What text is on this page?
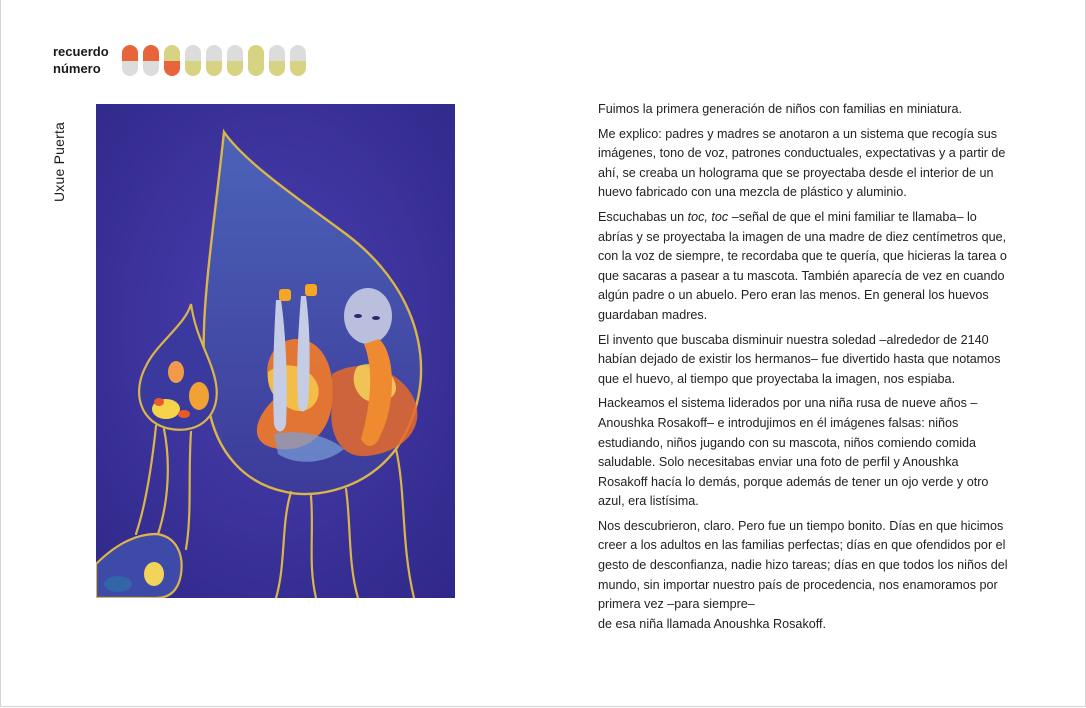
recuerdo
número
Uxue Puerta

Fuimos la primera generación de niños con familias en miniatura.

Me explico: padres y madres se anotaron a un sistema que recogía sus imágenes, tono de voz, patrones conductuales, expectativas y a partir de ahí, se creaba un holograma que se proyectaba desde el interior de un huevo fabricado con una mezcla de plástico y aluminio.

Escuchabas un toc, toc –señal de que el mini familiar te llamaba– lo abrías y se proyectaba la imagen de una madre de diez centímetros que, con la voz de siempre, te recordaba que te quería, que hicieras la tarea o que sacaras a pasear a tu mascota. También aparecía de vez en cuando algún padre o un abuelo. Pero eran las menos. En general los huevos guardaban madres.

El invento que buscaba disminuir nuestra soledad –alrededor de 2140 habían dejado de existir los hermanos– fue divertido hasta que notamos que el huevo, al tiempo que proyectaba la imagen, nos espiaba.

Hackeamos el sistema liderados por una niña rusa de nueve años –Anoushka Rosakoff– e introdujimos en él imágenes falsas: niños estudiando, niños jugando con su mascota, niños comiendo comida saludable. Solo necesitabas enviar una foto de perfil y Anoushka Rosakoff hacía lo demás, porque además de tener un ojo verde y otro azul, era listísima.

Nos descubrieron, claro. Pero fue un tiempo bonito. Días en que hicimos creer a los adultos en las familias perfectas; días en que ofendidos por el gesto de desconfianza, nadie hizo tareas; días en que todos los niños del mundo, sin importar nuestro país de procedencia, nos enamoramos por primera vez –para siempre–
de esa niña llamada Anoushka Rosakoff.
